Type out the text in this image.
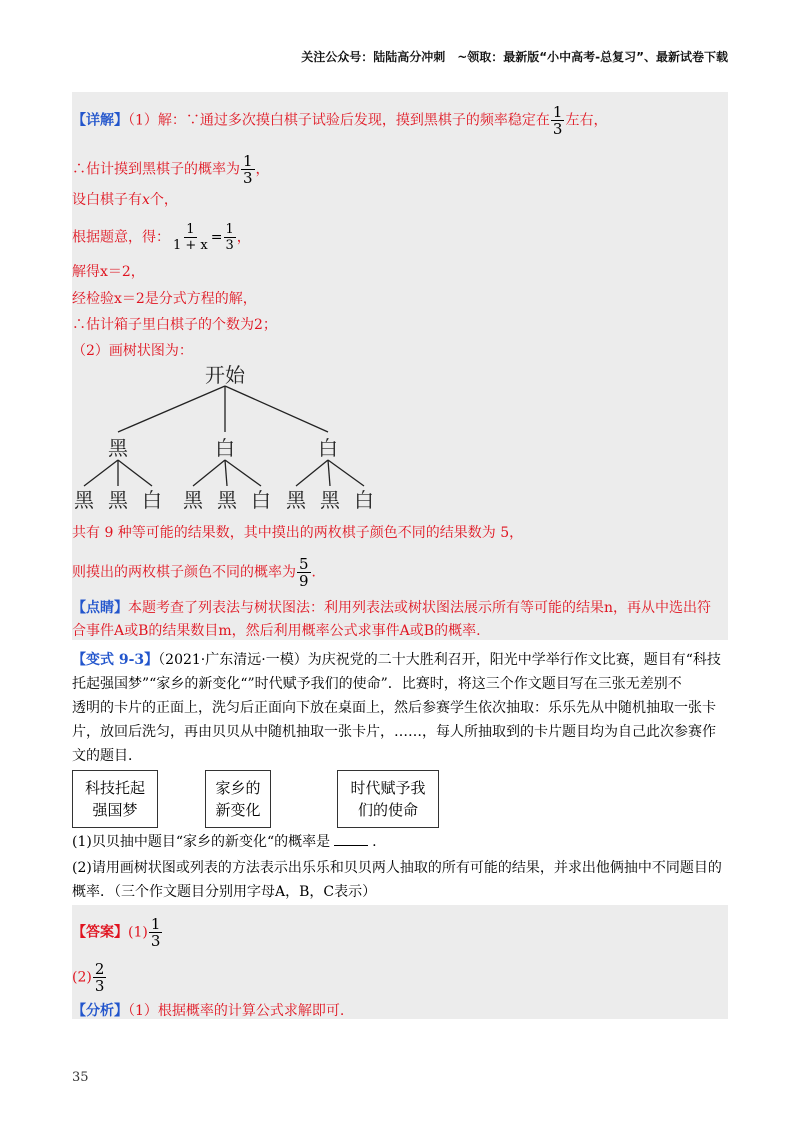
关注公众号：陆陆高分冲刺　~领取：最新版“小中高考-总复习”、最新试卷下载
【详解】（1）解：∵通过多次摸白棋子试验后发现，摸到黑棋子的频率稳定在 $\frac{1}{3}$ 左右，
∴估计摸到黑棋子的概率为 $\frac{1}{3}$ ，
设白棋子有x个，
根据题意，得： $\frac{1}{1 + x} = \frac{1}{3}$ ，
解得x＝2，
经检验x＝2是分式方程的解，
∴估计箱子里白棋子的个数为2；
（2）画树状图为：
开始
黑	白	白
黑 黑 白 黑 黑 白 黑 黑 白
共有 9 种等可能的结果数，其中摸出的两枚棋子颜色不同的结果数为 5，
则摸出的两枚棋子颜色不同的概率为 $\frac{5}{9}$ ．
【点睛】本题考查了列表法与树状图法：利用列表法或树状图法展示所有等可能的结果n，再从中选出符
合事件A或B的结果数目m，然后利用概率公式求事件A或B的概率.
【变式 9-3】（2021·广东清远·一模）为庆祝党的二十大胜利召开，阳光中学举行作文比赛，题目有“科技
托起强国梦”“家乡的新变化“”时代赋予我们的使命”．比赛时，将这三个作文题目写在三张无差别不
透明的卡片的正面上，洗匀后正面向下放在桌面上，然后参赛学生依次抽取：乐乐先从中随机抽取一张卡
片，放回后洗匀，再由贝贝从中随机抽取一张卡片，……，每人所抽取到的卡片题目均为自己此次参赛作
文的题目．
科技托起
强国梦
家乡的
新变化
时代赋予我
们的使命
(1)贝贝抽中题目“家乡的新变化“的概率是	.
(2)请用画树状图或列表的方法表示出乐乐和贝贝两人抽取的所有可能的结果，并求出他俩抽中不同题目的
概率．（三个作文题目分别用字母A，B，C表示）
【答案】$(1) \frac{1}{3}$
$(2) \frac{2}{3}$
【分析】（1）根据概率的计算公式求解即可.
35
